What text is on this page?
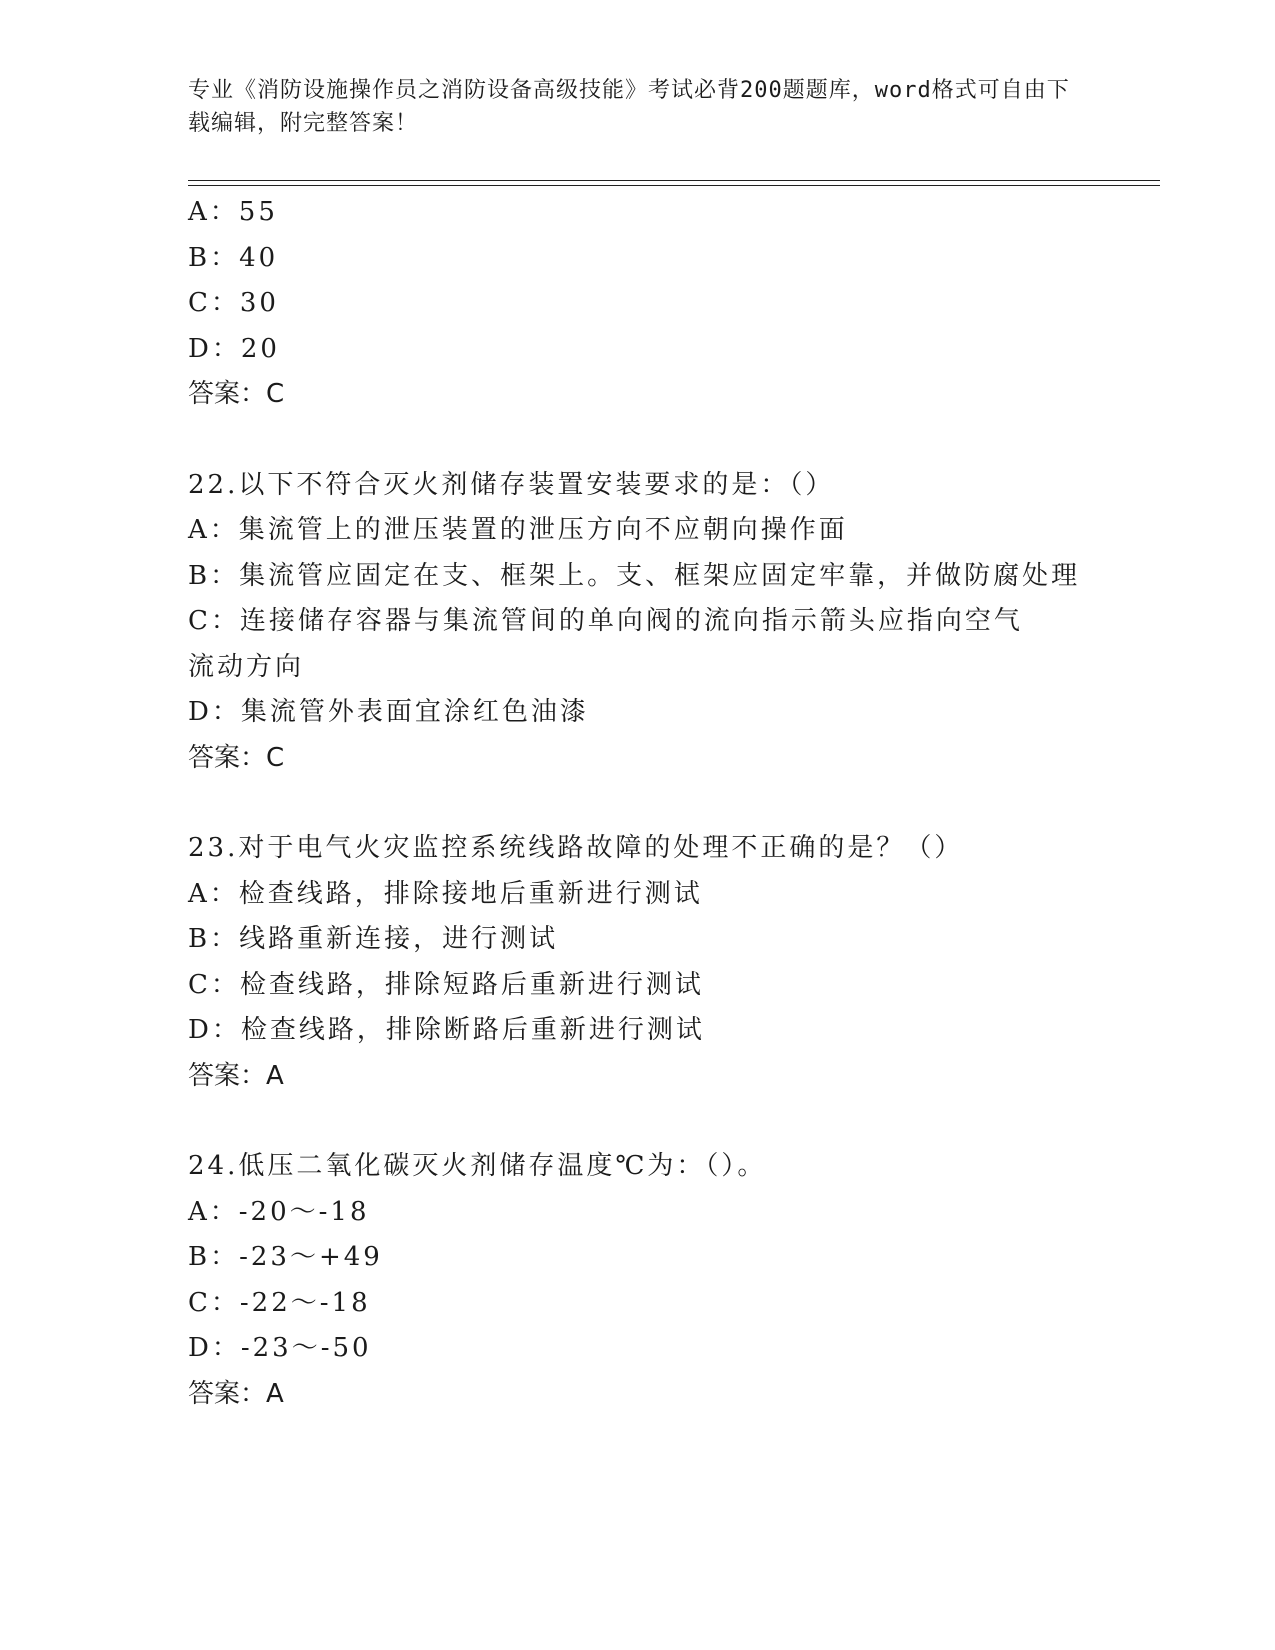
专业《消防设施操作员之消防设备高级技能》考试必背200题题库，word格式可自由下载编辑，附完整答案！
A：55
B：40
C：30
D：20
答案：C
22.以下不符合灭火剂储存装置安装要求的是：（）
A：集流管上的泄压装置的泄压方向不应朝向操作面
B：集流管应固定在支、框架上。支、框架应固定牢靠，并做防腐处理
C：连接储存容器与集流管间的单向阀的流向指示箭头应指向空气流动方向
D：集流管外表面宜涂红色油漆
答案：C
23.对于电气火灾监控系统线路故障的处理不正确的是？（）
A：检查线路，排除接地后重新进行测试
B：线路重新连接，进行测试
C：检查线路，排除短路后重新进行测试
D：检查线路，排除断路后重新进行测试
答案：A
24.低压二氧化碳灭火剂储存温度℃为：（）。
A：-20～-18
B：-23～+49
C：-22～-18
D：-23～-50
答案：A
